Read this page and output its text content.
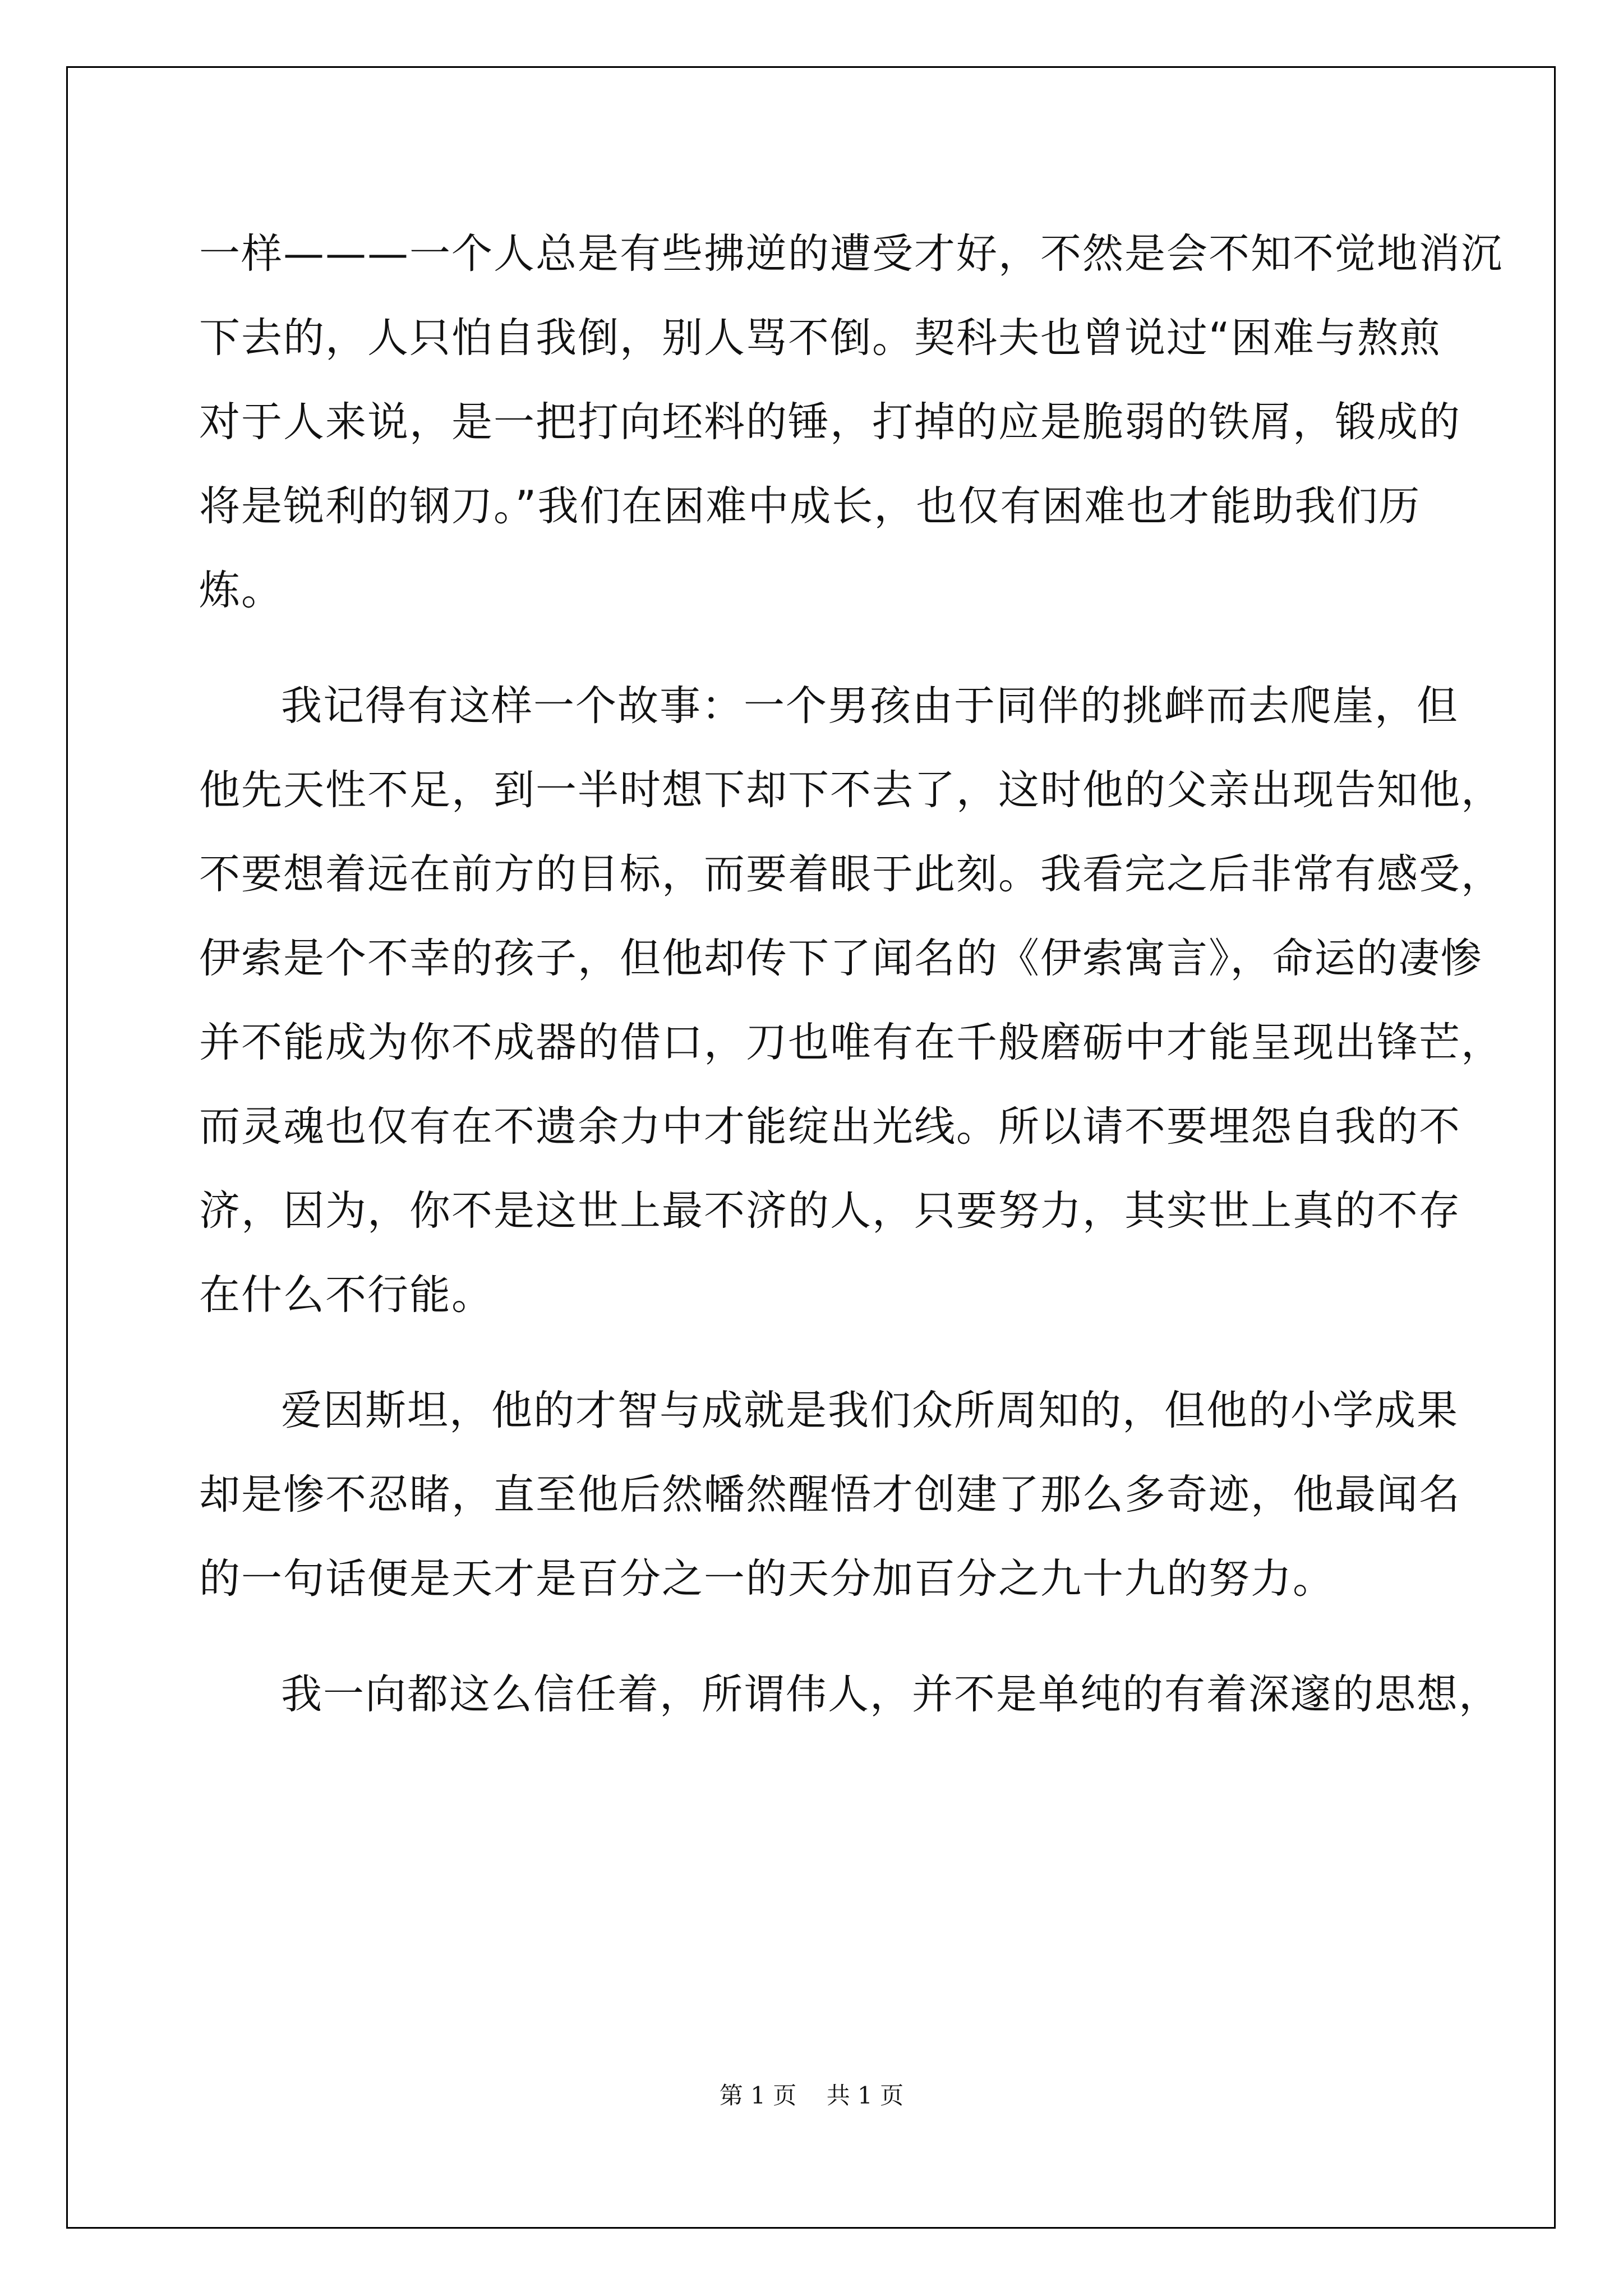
一样———一个人总是有些拂逆的遭受才好，不然是会不知不觉地消沉
下去的，人只怕自我倒，别人骂不倒。契科夫也曾说过“困难与熬煎
对于人来说，是一把打向坯料的锤，打掉的应是脆弱的铁屑，锻成的
将是锐利的钢刀。”我们在困难中成长，也仅有困难也才能助我们历
炼。
我记得有这样一个故事：一个男孩由于同伴的挑衅而去爬崖，但
他先天性不足，到一半时想下却下不去了，这时他的父亲出现告知他，
不要想着远在前方的目标，而要着眼于此刻。我看完之后非常有感受，
伊索是个不幸的孩子，但他却传下了闻名的《伊索寓言》，命运的凄惨
并不能成为你不成器的借口，刀也唯有在千般磨砺中才能呈现出锋芒，
而灵魂也仅有在不遗余力中才能绽出光线。所以请不要埋怨自我的不
济，因为，你不是这世上最不济的人，只要努力，其实世上真的不存
在什么不行能。
爱因斯坦，他的才智与成就是我们众所周知的，但他的小学成果
却是惨不忍睹，直至他后然幡然醒悟才创建了那么多奇迹，他最闻名
的一句话便是天才是百分之一的天分加百分之九十九的努力。
我一向都这么信任着，所谓伟人，并不是单纯的有着深邃的思想，
第 1 页    共 1 页
